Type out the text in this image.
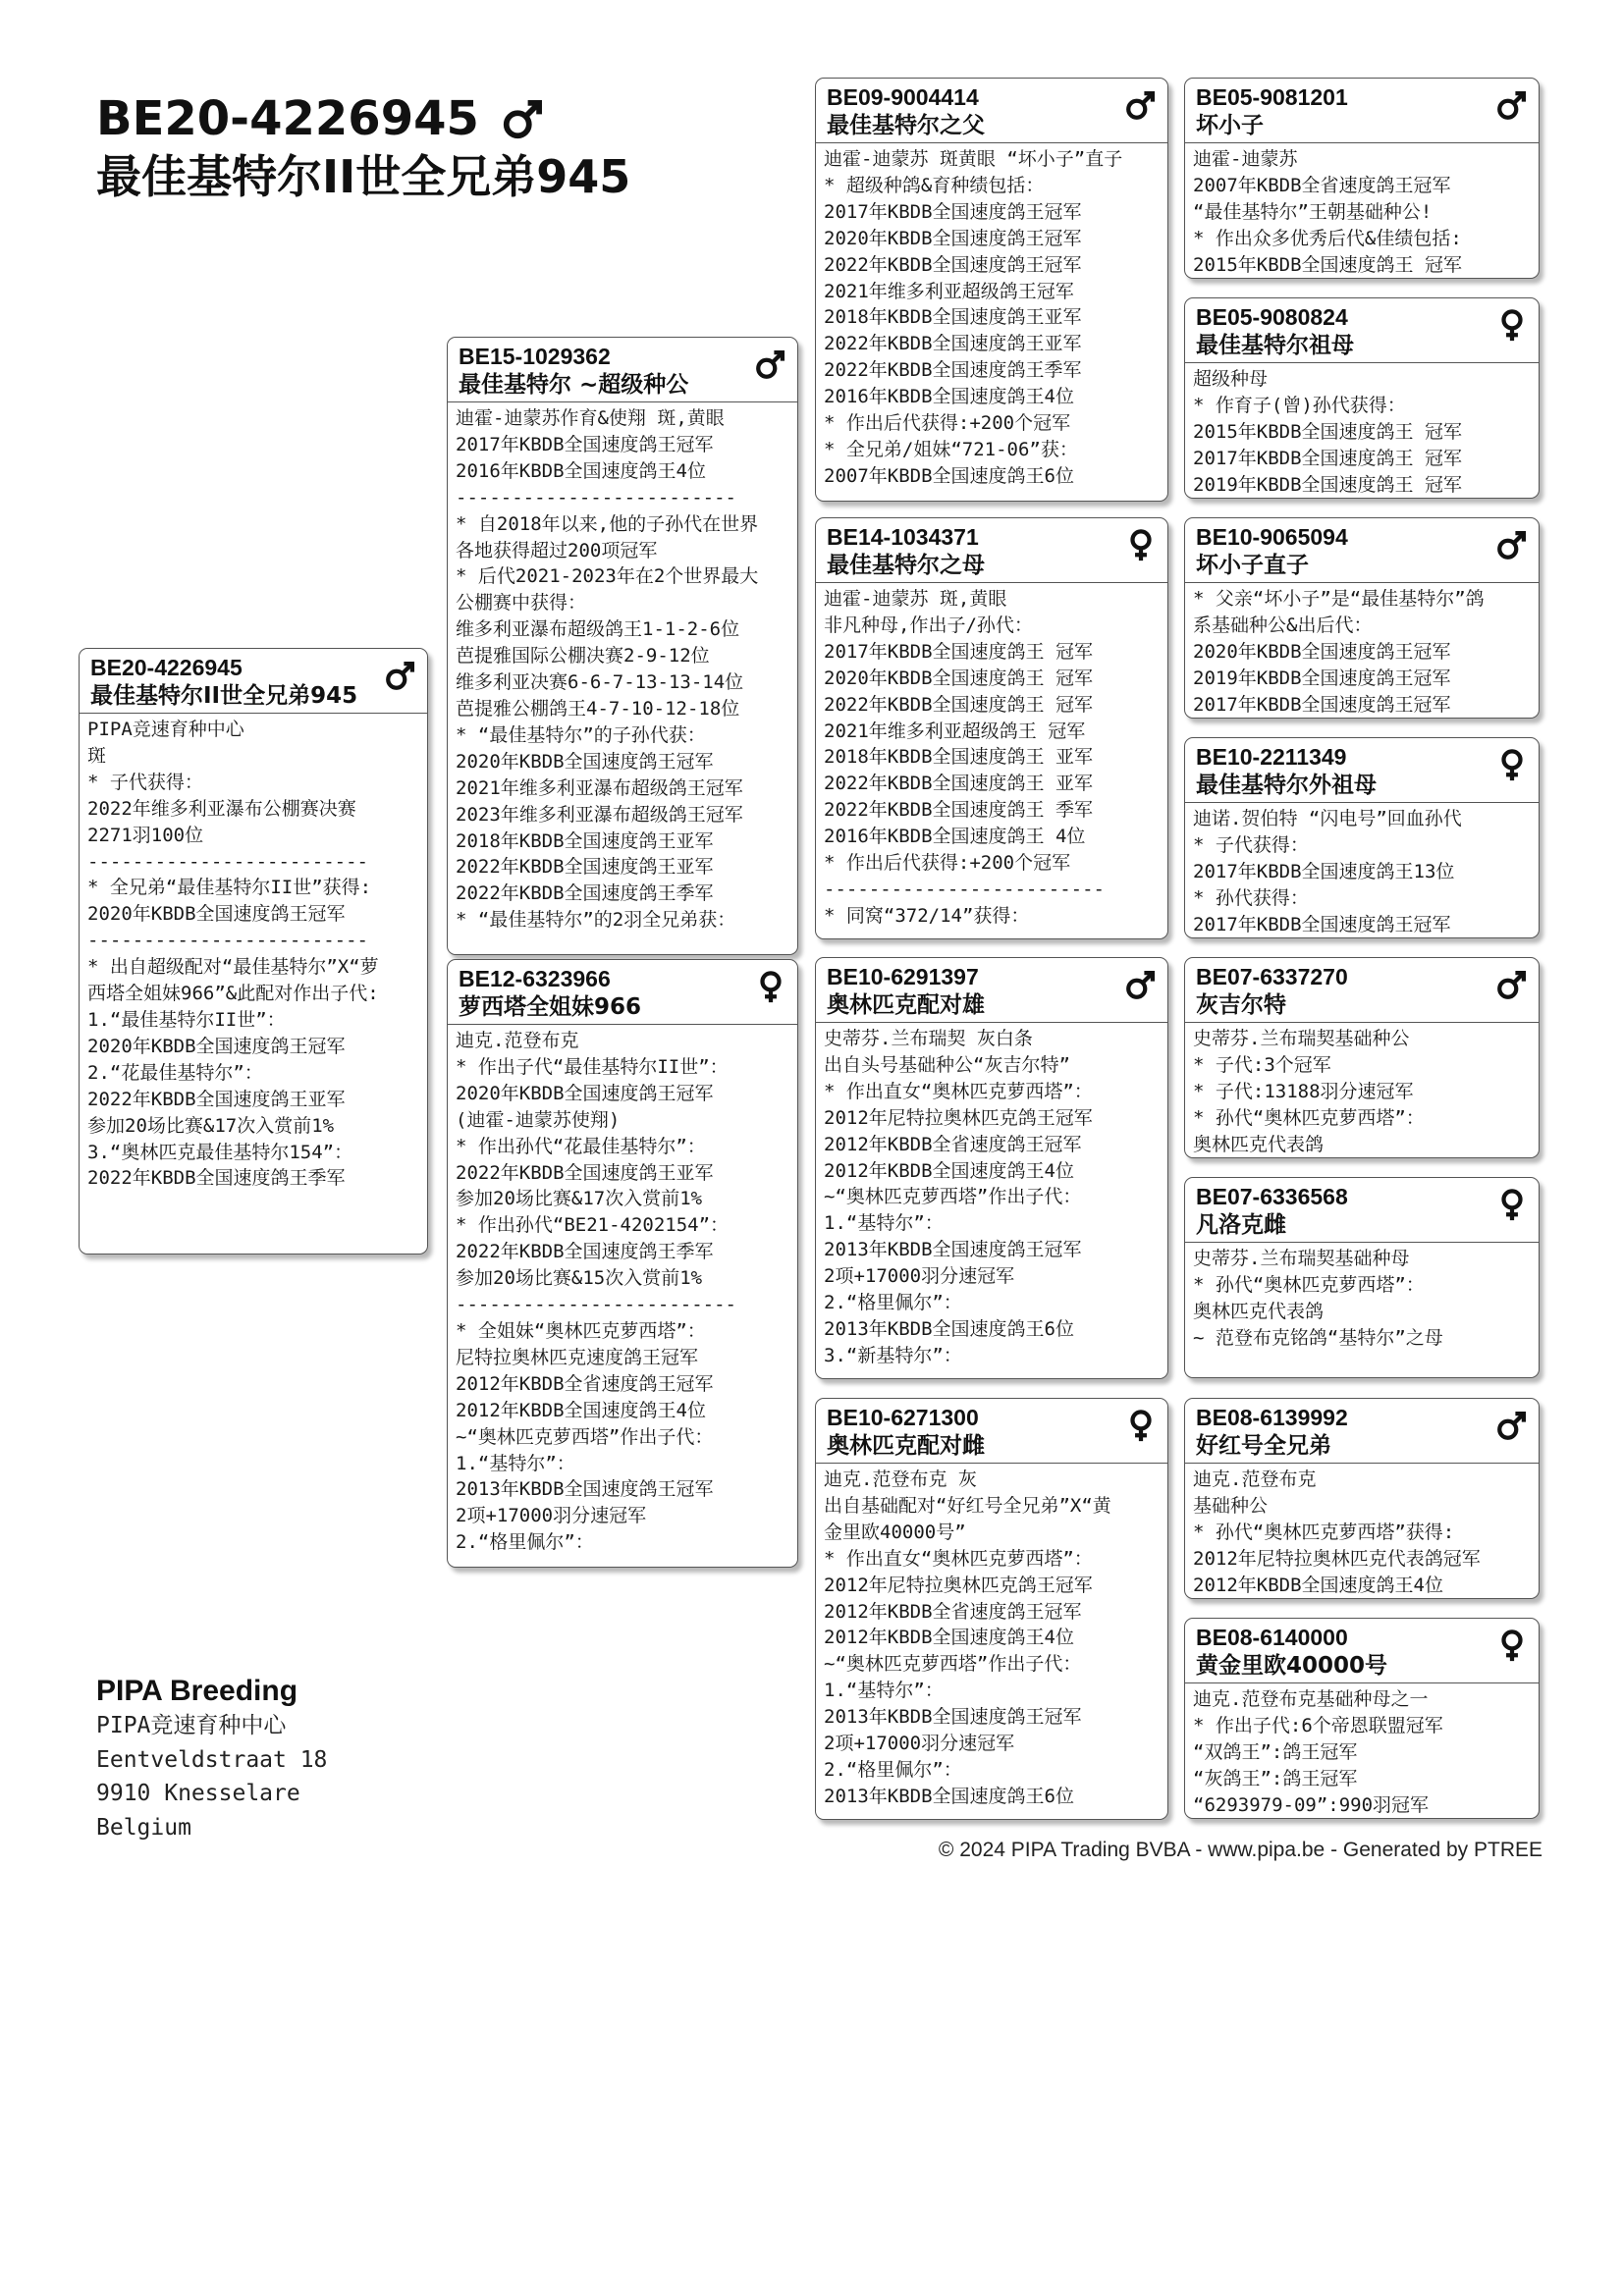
BE20-4226945
最佳基特尔II世全兄弟945
BE20-4226945
最佳基特尔II世全兄弟945
PIPA竞速育种中心
斑
* 子代获得：
2022年维多利亚瀑布公棚赛决赛
2271羽100位
-------------------------
* 全兄弟“最佳基特尔II世”获得:
2020年KBDB全国速度鸽王冠军
-------------------------
* 出自超级配对“最佳基特尔”X“萝
西塔全姐妹966”&此配对作出子代:
1.“最佳基特尔II世”：
2020年KBDB全国速度鸽王冠军
2.“花最佳基特尔”：
2022年KBDB全国速度鸽王亚军
参加20场比赛&17次入赏前1%
3.“奥林匹克最佳基特尔154”：
2022年KBDB全国速度鸽王季军
BE15-1029362
最佳基特尔 ~超级种公
迪霍-迪蒙苏作育&使翔 斑,黄眼
2017年KBDB全国速度鸽王冠军
2016年KBDB全国速度鸽王4位
-------------------------
* 自2018年以来,他的子孙代在世界
各地获得超过200项冠军
* 后代2021-2023年在2个世界最大
公棚赛中获得：
维多利亚瀑布超级鸽王1-1-2-6位
芭提雅国际公棚决赛2-9-12位
维多利亚决赛6-6-7-13-13-14位
芭提雅公棚鸽王4-7-10-12-18位
* “最佳基特尔”的子孙代获：
2020年KBDB全国速度鸽王冠军
2021年维多利亚瀑布超级鸽王冠军
2023年维多利亚瀑布超级鸽王冠军
2018年KBDB全国速度鸽王亚军
2022年KBDB全国速度鸽王亚军
2022年KBDB全国速度鸽王季军
* “最佳基特尔”的2羽全兄弟获：
BE12-6323966
萝西塔全姐妹966
迪克.范登布克
* 作出子代“最佳基特尔II世”：
2020年KBDB全国速度鸽王冠军
(迪霍-迪蒙苏使翔)
* 作出孙代“花最佳基特尔”：
2022年KBDB全国速度鸽王亚军
参加20场比赛&17次入赏前1%
* 作出孙代“BE21-4202154”：
2022年KBDB全国速度鸽王季军
参加20场比赛&15次入赏前1%
-------------------------
* 全姐妹“奥林匹克萝西塔”：
尼特拉奥林匹克速度鸽王冠军
2012年KBDB全省速度鸽王冠军
2012年KBDB全国速度鸽王4位
~“奥林匹克萝西塔”作出子代：
1.“基特尔”：
2013年KBDB全国速度鸽王冠军
2项+17000羽分速冠军
2.“格里佩尔”：
BE09-9004414
最佳基特尔之父
迪霍-迪蒙苏 斑黄眼 “坏小子”直子
* 超级种鸽&育种绩包括：
2017年KBDB全国速度鸽王冠军
2020年KBDB全国速度鸽王冠军
2022年KBDB全国速度鸽王冠军
2021年维多利亚超级鸽王冠军
2018年KBDB全国速度鸽王亚军
2022年KBDB全国速度鸽王亚军
2022年KBDB全国速度鸽王季军
2016年KBDB全国速度鸽王4位
* 作出后代获得:+200个冠军
* 全兄弟/姐妹“721-06”获：
2007年KBDB全国速度鸽王6位
BE14-1034371
最佳基特尔之母
迪霍-迪蒙苏 斑,黄眼
非凡种母,作出子/孙代：
2017年KBDB全国速度鸽王 冠军
2020年KBDB全国速度鸽王 冠军
2022年KBDB全国速度鸽王 冠军
2021年维多利亚超级鸽王 冠军
2018年KBDB全国速度鸽王 亚军
2022年KBDB全国速度鸽王 亚军
2022年KBDB全国速度鸽王 季军
2016年KBDB全国速度鸽王 4位
* 作出后代获得:+200个冠军
-------------------------
* 同窝“372/14”获得：
BE10-6291397
奥林匹克配对雄
史蒂芬.兰布瑞契 灰白条
出自头号基础种公“灰吉尔特”
* 作出直女“奥林匹克萝西塔”：
2012年尼特拉奥林匹克鸽王冠军
2012年KBDB全省速度鸽王冠军
2012年KBDB全国速度鸽王4位
~“奥林匹克萝西塔”作出子代：
1.“基特尔”：
2013年KBDB全国速度鸽王冠军
2项+17000羽分速冠军
2.“格里佩尔”：
2013年KBDB全国速度鸽王6位
3.“新基特尔”：
BE10-6271300
奥林匹克配对雌
迪克.范登布克 灰
出自基础配对“好红号全兄弟”X“黄
金里欧40000号”
* 作出直女“奥林匹克萝西塔”：
2012年尼特拉奥林匹克鸽王冠军
2012年KBDB全省速度鸽王冠军
2012年KBDB全国速度鸽王4位
~“奥林匹克萝西塔”作出子代：
1.“基特尔”：
2013年KBDB全国速度鸽王冠军
2项+17000羽分速冠军
2.“格里佩尔”：
2013年KBDB全国速度鸽王6位
BE05-9081201
坏小子
迪霍-迪蒙苏
2007年KBDB全省速度鸽王冠军
“最佳基特尔”王朝基础种公!
* 作出众多优秀后代&佳绩包括:
2015年KBDB全国速度鸽王 冠军
BE05-9080824
最佳基特尔祖母
超级种母
* 作育子(曾)孙代获得：
2015年KBDB全国速度鸽王 冠军
2017年KBDB全国速度鸽王 冠军
2019年KBDB全国速度鸽王 冠军
BE10-9065094
坏小子直子
* 父亲“坏小子”是“最佳基特尔”鸽
系基础种公&出后代：
2020年KBDB全国速度鸽王冠军
2019年KBDB全国速度鸽王冠军
2017年KBDB全国速度鸽王冠军
BE10-2211349
最佳基特尔外祖母
迪诺.贺伯特 “闪电号”回血孙代
* 子代获得：
2017年KBDB全国速度鸽王13位
* 孙代获得：
2017年KBDB全国速度鸽王冠军
BE07-6337270
灰吉尔特
史蒂芬.兰布瑞契基础种公
* 子代:3个冠军
* 子代:13188羽分速冠军
* 孙代“奥林匹克萝西塔”：
奥林匹克代表鸽
BE07-6336568
凡洛克雌
史蒂芬.兰布瑞契基础种母
* 孙代“奥林匹克萝西塔”：
奥林匹克代表鸽
~ 范登布克铭鸽“基特尔”之母
BE08-6139992
好红号全兄弟
迪克.范登布克
基础种公
* 孙代“奥林匹克萝西塔”获得:
2012年尼特拉奥林匹克代表鸽冠军
2012年KBDB全国速度鸽王4位
BE08-6140000
黄金里欧40000号
迪克.范登布克基础种母之一
* 作出子代:6个帝恩联盟冠军
“双鸽王”:鸽王冠军
“灰鸽王”:鸽王冠军
“6293979-09”:990羽冠军
PIPA Breeding
PIPA竞速育种中心
Eentveldstraat 18
9910 Knesselare
Belgium
© 2024 PIPA Trading BVBA - www.pipa.be - Generated by PTREE
